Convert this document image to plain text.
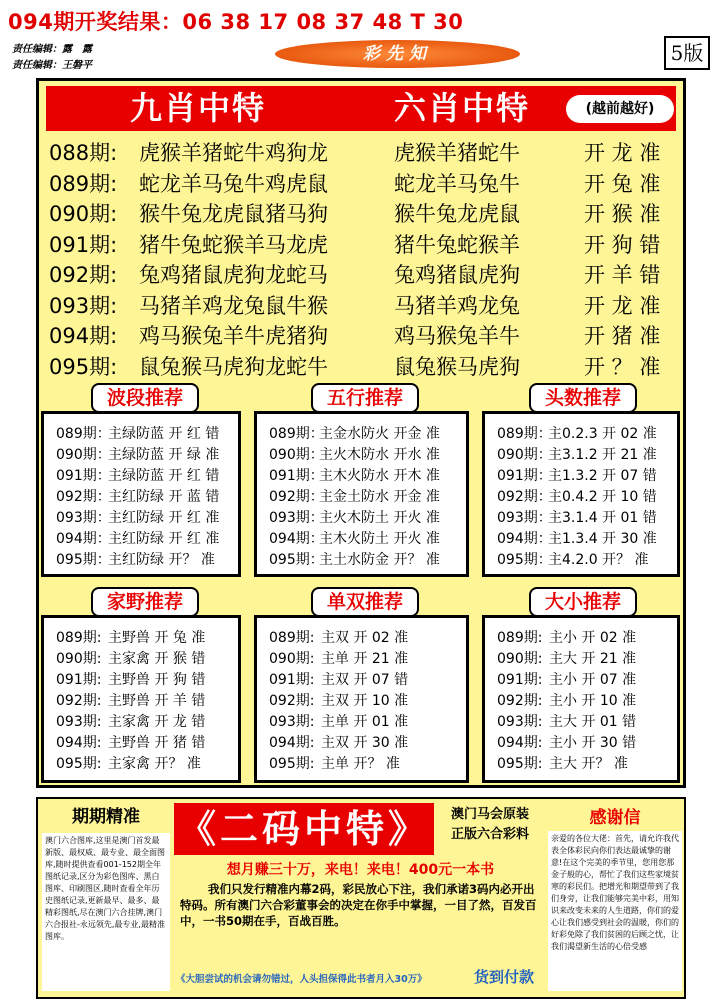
094期开奖结果：06 38 17 08 37 48 T 30
责任编辑：露　露
责任编辑：王磐平
彩先知	5版
九肖中特	六肖中特	(越前越好)
088期: 虎猴羊猪蛇牛鸡狗龙	虎猴羊猪蛇牛	开 龙 准
089期: 蛇龙羊马兔牛鸡虎鼠	蛇龙羊马兔牛	开 兔 准
090期: 猴牛兔龙虎鼠猪马狗	猴牛兔龙虎鼠	开 猴 准
091期: 猪牛兔蛇猴羊马龙虎	猪牛兔蛇猴羊	开 狗 错
092期: 兔鸡猪鼠虎狗龙蛇马	兔鸡猪鼠虎狗	开 羊 错
093期: 马猪羊鸡龙兔鼠牛猴	马猪羊鸡龙兔	开 龙 准
094期: 鸡马猴兔羊牛虎猪狗	鸡马猴兔羊牛	开 猪 准
095期: 鼠兔猴马虎狗龙蛇牛	鼠兔猴马虎狗	开 ？ 准
波段推荐
089期：
主绿防蓝 开 红 错
090期：
主绿防蓝 开 绿 准
091期：
主绿防蓝 开 红 错
092期：
主红防绿 开 蓝 错
093期：
主红防绿 开 红 准
094期：
主红防绿 开 红 准
095期：
主红防绿 开？ 准
五行推荐
089期：
主金水防火 开金 准
090期：
主火木防水 开水 准
091期：
主木火防水 开木 准
092期：
主金土防水 开金 准
093期：
主火木防土 开火 准
094期：
主木火防土 开火 准
095期：
主土水防金 开？ 准
头数推荐
089期：
主0.2.3 开 02 准
090期：
主3.1.2 开 21 准
091期：
主1.3.2 开 07 错
092期：
主0.4.2 开 10 错
093期：
主3.1.4 开 01 错
094期：
主1.3.4 开 30 准
095期：
主4.2.0 开？ 准
家野推荐
089期: 主野兽 开 兔 准
090期: 主家禽 开 猴 错
091期: 主野兽 开 狗 错
092期: 主野兽 开 羊 错
093期: 主家禽 开 龙 错
094期: 主野兽 开 猪 错
095期: 主家禽 开？ 准
单双推荐
089期: 主双 开 02 准
090期: 主单 开 21 准
091期: 主双 开 07 错
092期: 主双 开 10 准
093期: 主单 开 01 准
094期: 主双 开 30 准
095期: 主单 开？ 准
大小推荐
089期: 主小 开 02 准
090期: 主大 开 21 准
091期: 主小 开 07 准
092期: 主小 开 10 准
093期: 主大 开 01 错
094期: 主小 开 30 错
095期: 主大 开？ 准
期期精准
澳门六合图库,这里是澳门首发最新版、最权威、最专业、最全面图库,随时提供查看001-152期全年图纸记录,区分为彩色图库、黑白图库、印刷图区,随时查看全年历史图纸记录,更新最早、最多、最精彩图纸,尽在澳门六合挂牌,澳门六合报社-永远领先,最专业,最精准图库。
《二码中特》	澳门马会原装
正版六合彩料
想月赚三十万，来电！来电！400元一本书
我们只发行精准内幕2码，彩民放心下注，我们承诺3码内必开出特码。所有澳门六合彩董事会的决定在你手中掌握，一目了然，百发百中，一书50期在手，百战百胜。
《大胆尝试的机会请勿错过，人头担保得此书者月入30万》	货到付款
感谢信
亲爱的各位大佬：首先，请允许我代表全体彩民向你们表达最诚挚的谢意!在这个完美的季节里，您用您那金子般的心，帮忙了我们这些家境贫寒的彩民们。把增光和期望带到了我们身旁，让我们能够完美中彩，用知识来改变未来的人生道路，你们的爱心让我们感受到社会的温暖，你们的好彩免除了我们贫困的后顾之忧，让我们渴望新生活的心倍受感
